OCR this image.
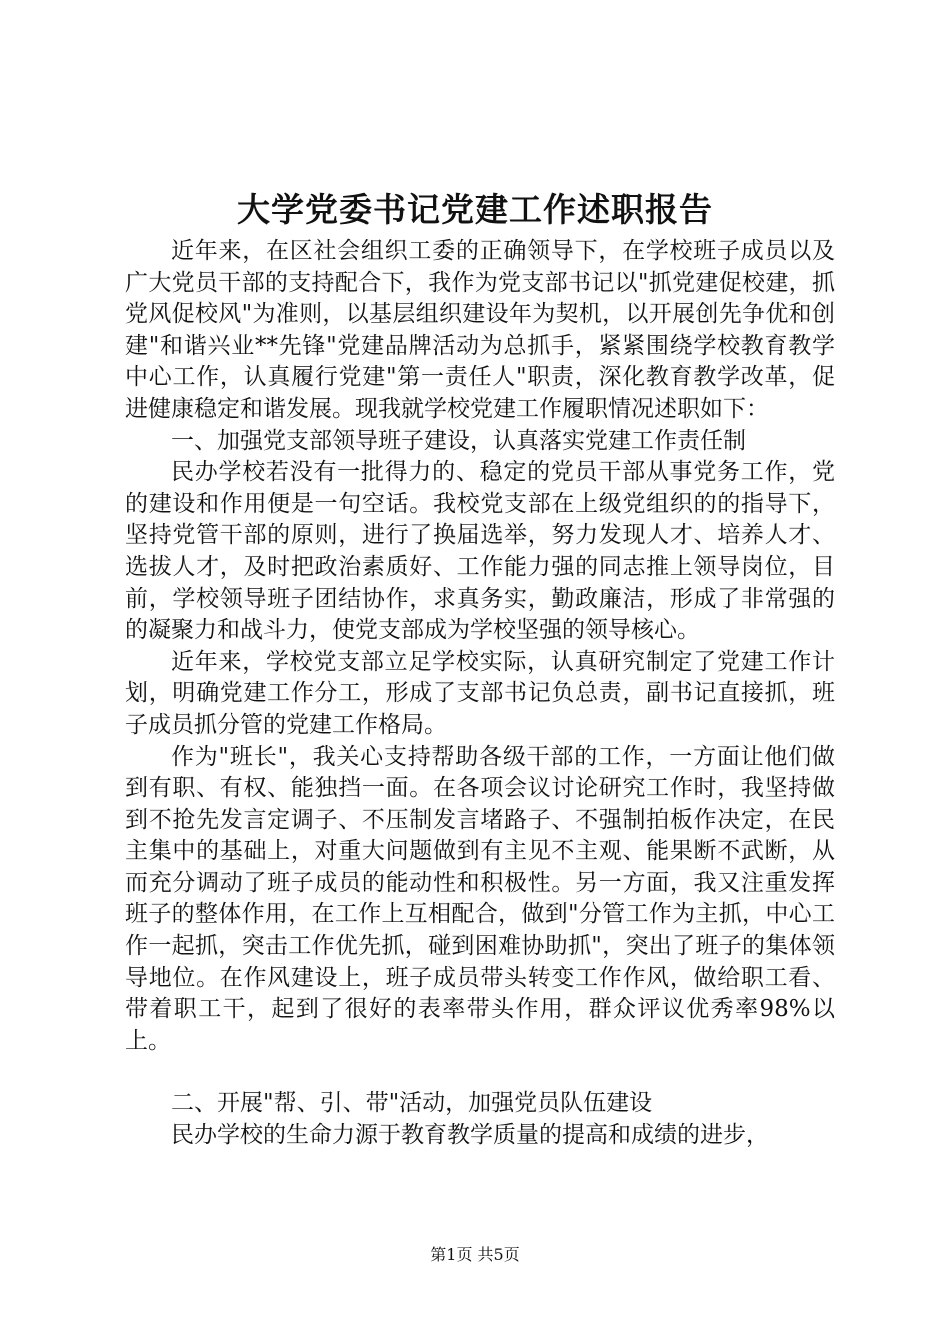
大学党委书记党建工作述职报告

近年来，在区社会组织工委的正确领导下，在学校班子成员以及广大党员干部的支持配合下，我作为党支部书记以"抓党建促校建，抓党风促校风"为准则，以基层组织建设年为契机，以开展创先争优和创建"和谐兴业**先锋"党建品牌活动为总抓手，紧紧围绕学校教育教学中心工作，认真履行党建"第一责任人"职责，深化教育教学改革，促进健康稳定和谐发展。现我就学校党建工作履职情况述职如下：

一、加强党支部领导班子建设，认真落实党建工作责任制

民办学校若没有一批得力的、稳定的党员干部从事党务工作，党的建设和作用便是一句空话。我校党支部在上级党组织的的指导下，坚持党管干部的原则，进行了换届选举，努力发现人才、培养人才、选拔人才，及时把政治素质好、工作能力强的同志推上领导岗位，目前，学校领导班子团结协作，求真务实，勤政廉洁，形成了非常强的的凝聚力和战斗力，使党支部成为学校坚强的领导核心。

近年来，学校党支部立足学校实际，认真研究制定了党建工作计划，明确党建工作分工，形成了支部书记负总责，副书记直接抓，班子成员抓分管的党建工作格局。

作为"班长"，我关心支持帮助各级干部的工作，一方面让他们做到有职、有权、能独挡一面。在各项会议讨论研究工作时，我坚持做到不抢先发言定调子、不压制发言堵路子、不强制拍板作决定，在民主集中的基础上，对重大问题做到有主见不主观、能果断不武断，从而充分调动了班子成员的能动性和积极性。另一方面，我又注重发挥班子的整体作用，在工作上互相配合，做到"分管工作为主抓，中心工作一起抓，突击工作优先抓，碰到困难协助抓"，突出了班子的集体领导地位。在作风建设上，班子成员带头转变工作作风，做给职工看、带着职工干，起到了很好的表率带头作用，群众评议优秀率98%以上。

二、开展"帮、引、带"活动，加强党员队伍建设

民办学校的生命力源于教育教学质量的提高和成绩的进步，

第1页 共5页
